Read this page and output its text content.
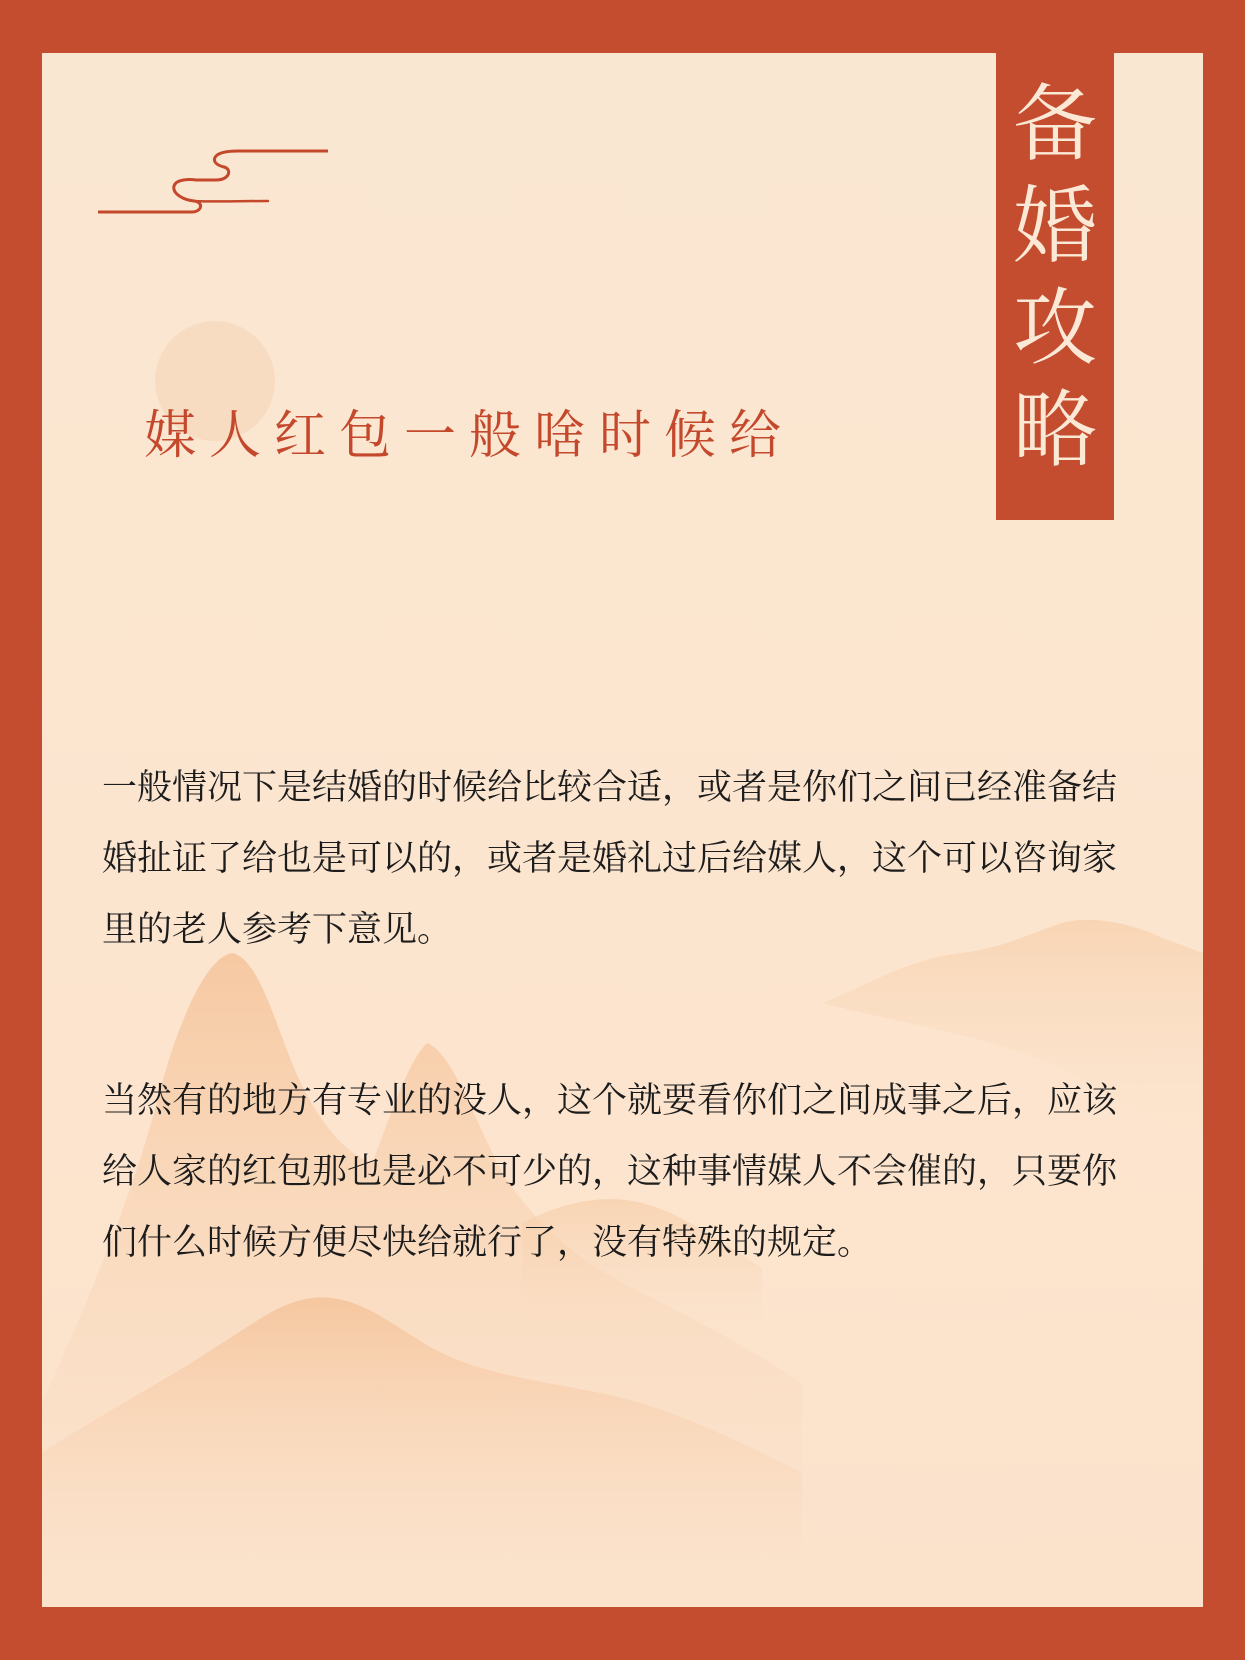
备
婚
攻
略
媒人红包一般啥时候给

一般情况下是结婚的时候给比较合适，或者是你们之间已经准备结婚扯证了给也是可以的，或者是婚礼过后给媒人，这个可以咨询家里的老人参考下意见。

当然有的地方有专业的没人，这个就要看你们之间成事之后，应该给人家的红包那也是必不可少的，这种事情媒人不会催的，只要你们什么时候方便尽快给就行了，没有特殊的规定。
